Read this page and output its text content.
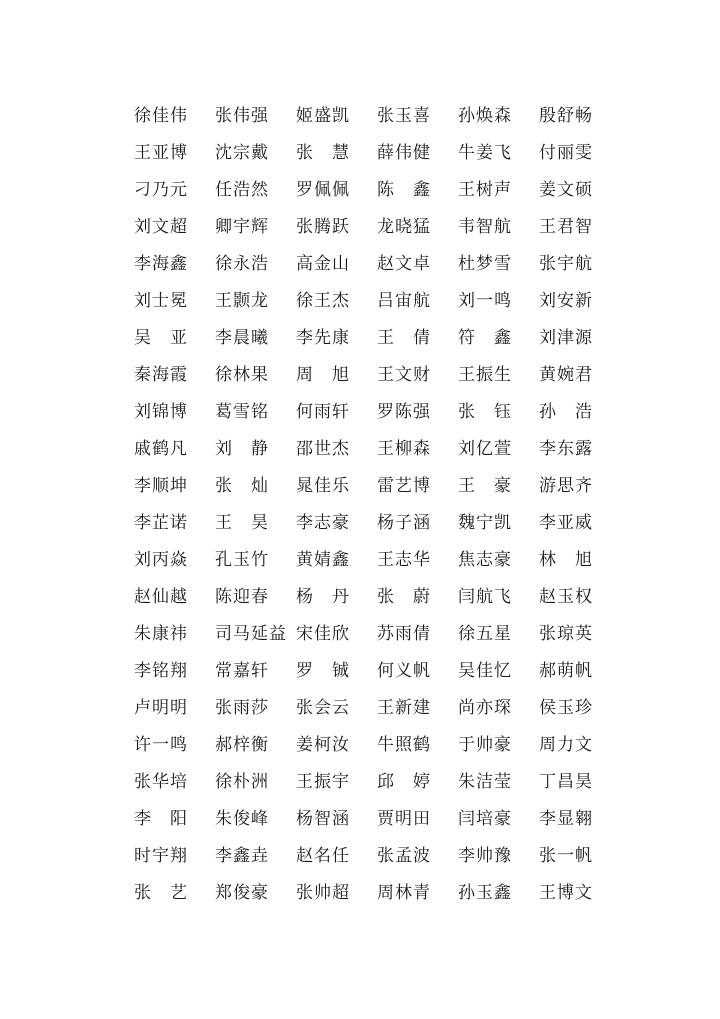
徐佳伟	张伟强	姬盛凯	张玉喜	孙焕森	殷舒畅
王亚博	沈宗戴	张　慧	薛伟健	牛姜飞	付丽雯
刁乃元	任浩然	罗佩佩	陈　鑫	王树声	姜文硕
刘文超	卿宇辉	张腾跃	龙晓猛	韦智航	王君智
李海鑫	徐永浩	高金山	赵文卓	杜梦雪	张宇航
刘士冕	王颢龙	徐王杰	吕宙航	刘一鸣	刘安新
吴　亚	李晨曦	李先康	王　倩	符　鑫	刘津源
秦海霞	徐林果	周　旭	王文财	王振生	黄婉君
刘锦博	葛雪铭	何雨轩	罗陈强	张　钰	孙　浩
戚鹤凡	刘　静	邵世杰	王柳森	刘亿萱	李东露
李顺坤	张　灿	晁佳乐	雷艺博	王　豪	游思齐
李芷诺	王　昊	李志豪	杨子涵	魏宁凯	李亚威
刘丙焱	孔玉竹	黄婧鑫	王志华	焦志豪	林　旭
赵仙越	陈迎春	杨　丹	张　蔚	闫航飞	赵玉权
朱康祎	司马延益 宋佳欣	苏雨倩	徐五星	张琼英
李铭翔	常嘉轩	罗　铖	何义帆	吴佳忆	郝萌帆
卢明明	张雨莎	张会云	王新建	尚亦琛	侯玉珍
许一鸣	郝梓衡	姜柯汝	牛照鹤	于帅豪	周力文
张华培	徐朴洲	王振宇	邱　婷	朱洁莹	丁昌昊
李　阳	朱俊峰	杨智涵	贾明田	闫培豪	李显翱
时宇翔	李鑫垚	赵名任	张孟波	李帅豫	张一帆
张　艺	郑俊豪	张帅超	周林青	孙玉鑫	王博文
